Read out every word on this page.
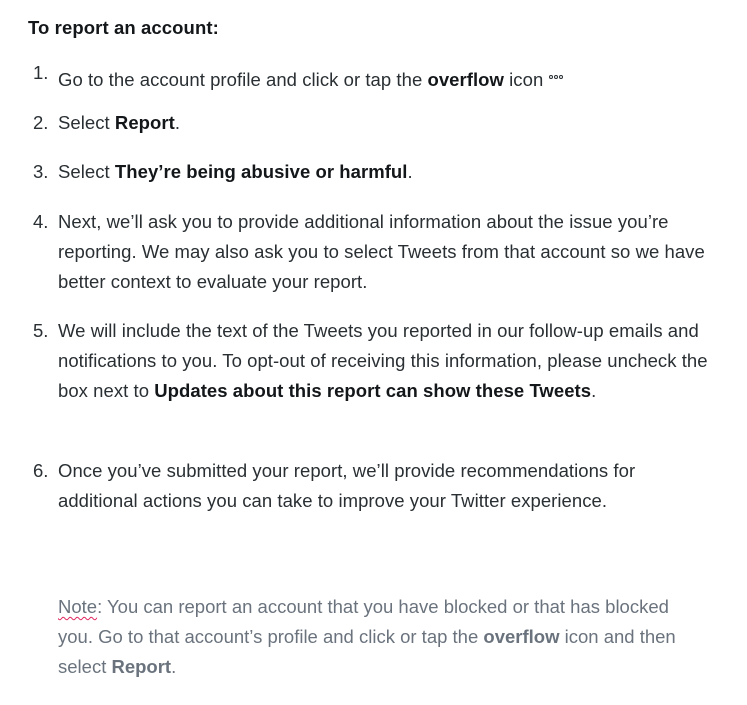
To report an account:
1. Go to the account profile and click or tap the overflow icon
2. Select Report.
3. Select They’re being abusive or harmful.
4. Next, we’ll ask you to provide additional information about the issue you’re reporting. We may also ask you to select Tweets from that account so we have better context to evaluate your report.
5. We will include the text of the Tweets you reported in our follow-up emails and notifications to you. To opt-out of receiving this information, please uncheck the box next to Updates about this report can show these Tweets.
6. Once you’ve submitted your report, we’ll provide recommendations for additional actions you can take to improve your Twitter experience.
Note: You can report an account that you have blocked or that has blocked you. Go to that account’s profile and click or tap the overflow icon and then select Report.
